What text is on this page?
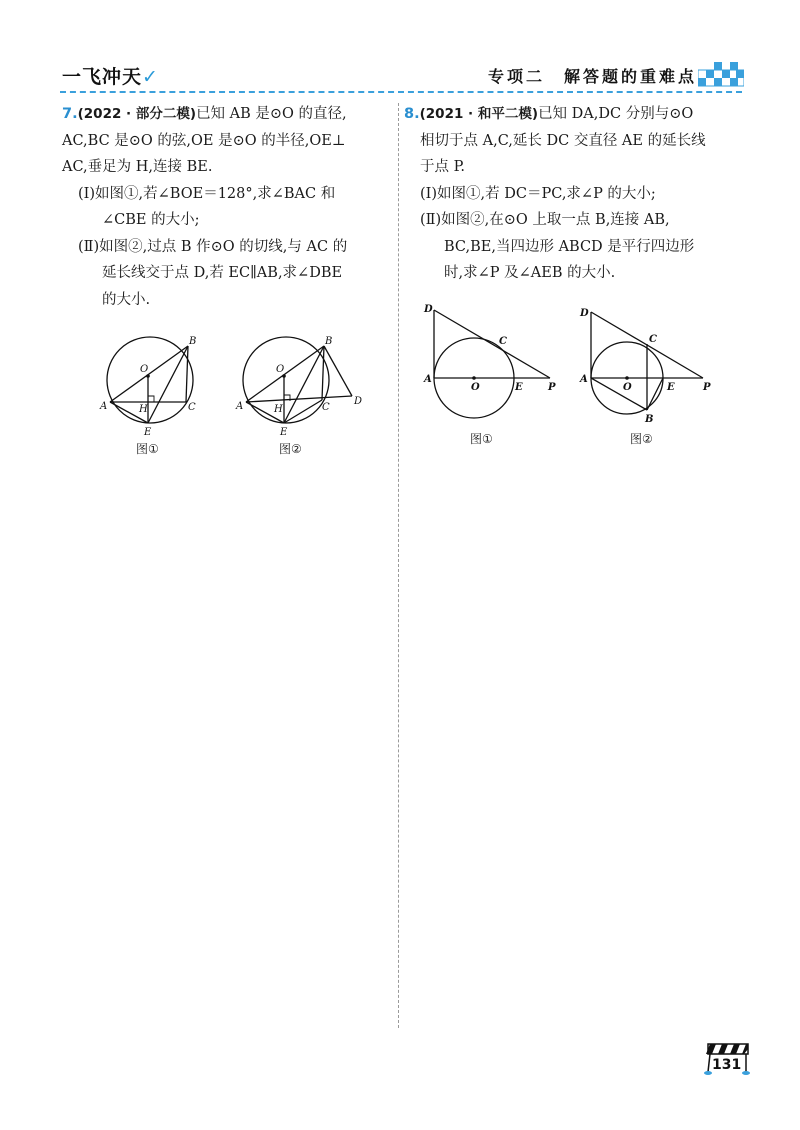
一飞冲天✓	专项二　解答题的重难点
7.(2022 · 部分二模)已知 AB 是⊙O 的直径,
AC,BC 是⊙O 的弦,OE 是⊙O 的半径,OE⊥
AC,垂足为 H,连接 BE.
(Ⅰ)如图①,若∠BOE＝128°,求∠BAC 和
∠CBE 的大小;
(Ⅱ)如图②,过点 B 作⊙O 的切线,与 AC 的
延长线交于点 D,若 EC∥AB,求∠DBE
的大小.
A
B
C
O
H
E
图①
A
B
C
D
O
H
E
图②
8.(2021 · 和平二模)已知 DA,DC 分别与⊙O
相切于点 A,C,延长 DC 交直径 AE 的延长线
于点 P.
(Ⅰ)如图①,若 DC＝PC,求∠P 的大小;
(Ⅱ)如图②,在⊙O 上取一点 B,连接 AB,
BC,BE,当四边形 ABCD 是平行四边形
时,求∠P 及∠AEB 的大小.
D
C
A
O	E	P
图①
D
C
A
O	E	P
B
图②
131
